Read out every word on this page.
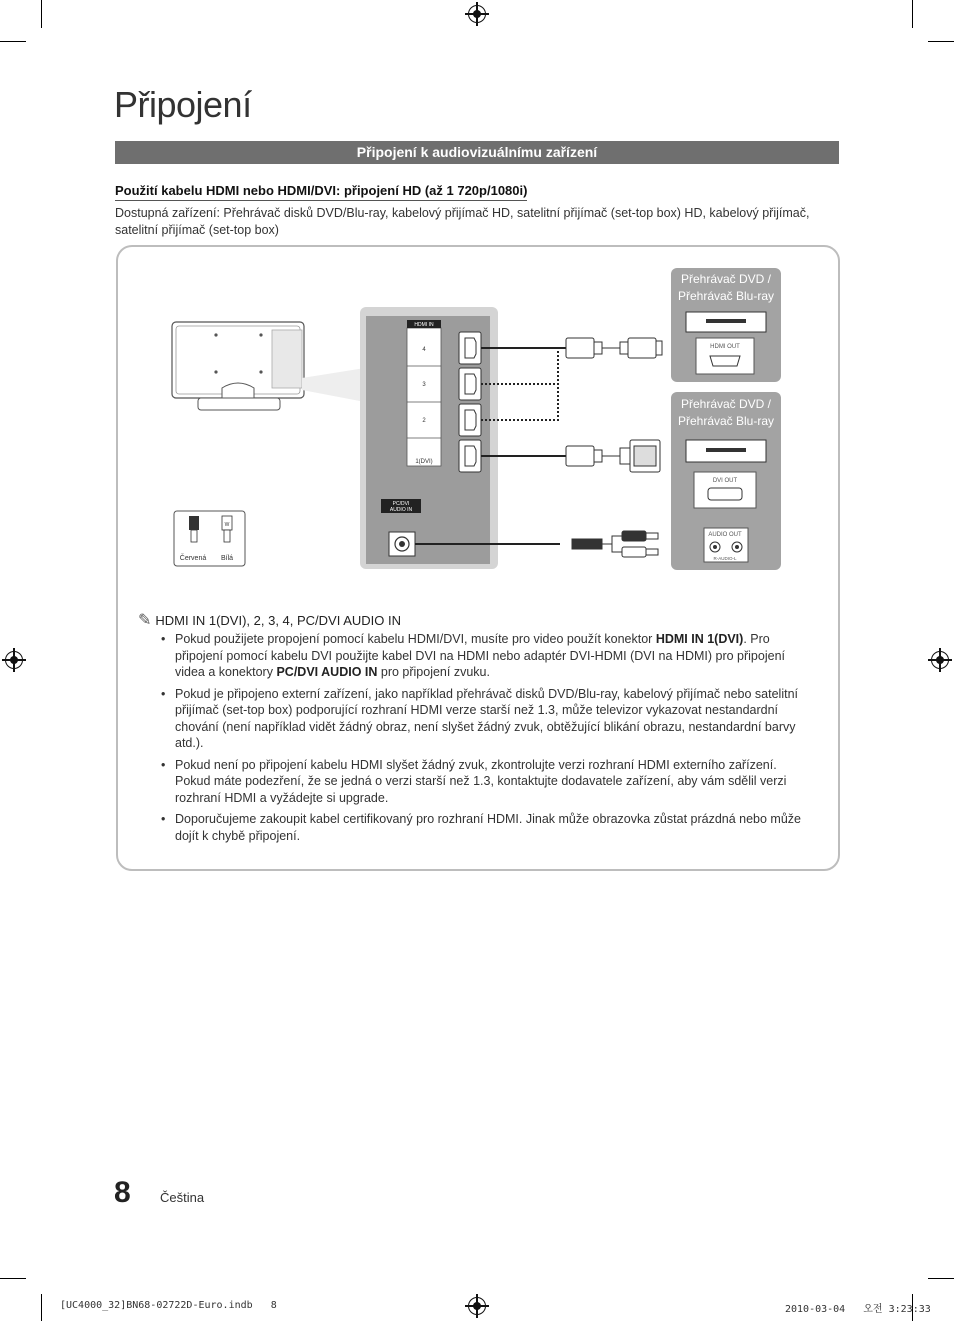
Připojení
Připojení k audiovizuálnímu zařízení
Použití kabelu HDMI nebo HDMI/DVI: připojení HD (až 1 720p/1080i)
Dostupná zařízení: Přehrávač disků DVD/Blu-ray, kabelový přijímač HD, satelitní přijímač (set-top box) HD, kabelový přijímač, satelitní přijímač (set-top box)
HDMI IN
4
3
2
1(DVI)
PC/DVI
AUDIO IN
Přehrávač DVD /
Přehrávač Blu-ray
HDMI OUT
Přehrávač DVD /
Přehrávač Blu-ray
DVI OUT
AUDIO OUT
R-AUDIO-L
W
Červená Bílá
✎ HDMI IN 1(DVI), 2, 3, 4, PC/DVI AUDIO IN
• Pokud použijete propojení pomocí kabelu HDMI/DVI, musíte pro video použít konektor HDMI IN 1(DVI). Pro připojení pomocí kabelu DVI použijte kabel DVI na HDMI nebo adaptér DVI-HDMI (DVI na HDMI) pro připojení videa a konektory PC/DVI AUDIO IN pro připojení zvuku.
• Pokud je připojeno externí zařízení, jako například přehrávač disků DVD/Blu-ray, kabelový přijímač nebo satelitní přijímač (set-top box) podporující rozhraní HDMI verze starší než 1.3, může televizor vykazovat nestandardní chování (není například vidět žádný obraz, není slyšet žádný zvuk, obtěžující blikání obrazu, nestandardní barvy atd.).
• Pokud není po připojení kabelu HDMI slyšet žádný zvuk, zkontrolujte verzi rozhraní HDMI externího zařízení. Pokud máte podezření, že se jedná o verzi starší než 1.3, kontaktujte dodavatele zařízení, aby vám sdělil verzi rozhraní HDMI a vyžádejte si upgrade.
• Doporučujeme zakoupit kabel certifikovaný pro rozhraní HDMI. Jinak může obrazovka zůstat prázdná nebo může dojít k chybě připojení.
8 Čeština
[UC4000_32]BN68-02722D-Euro.indb   8	2010-03-04   오전 3:23:33
